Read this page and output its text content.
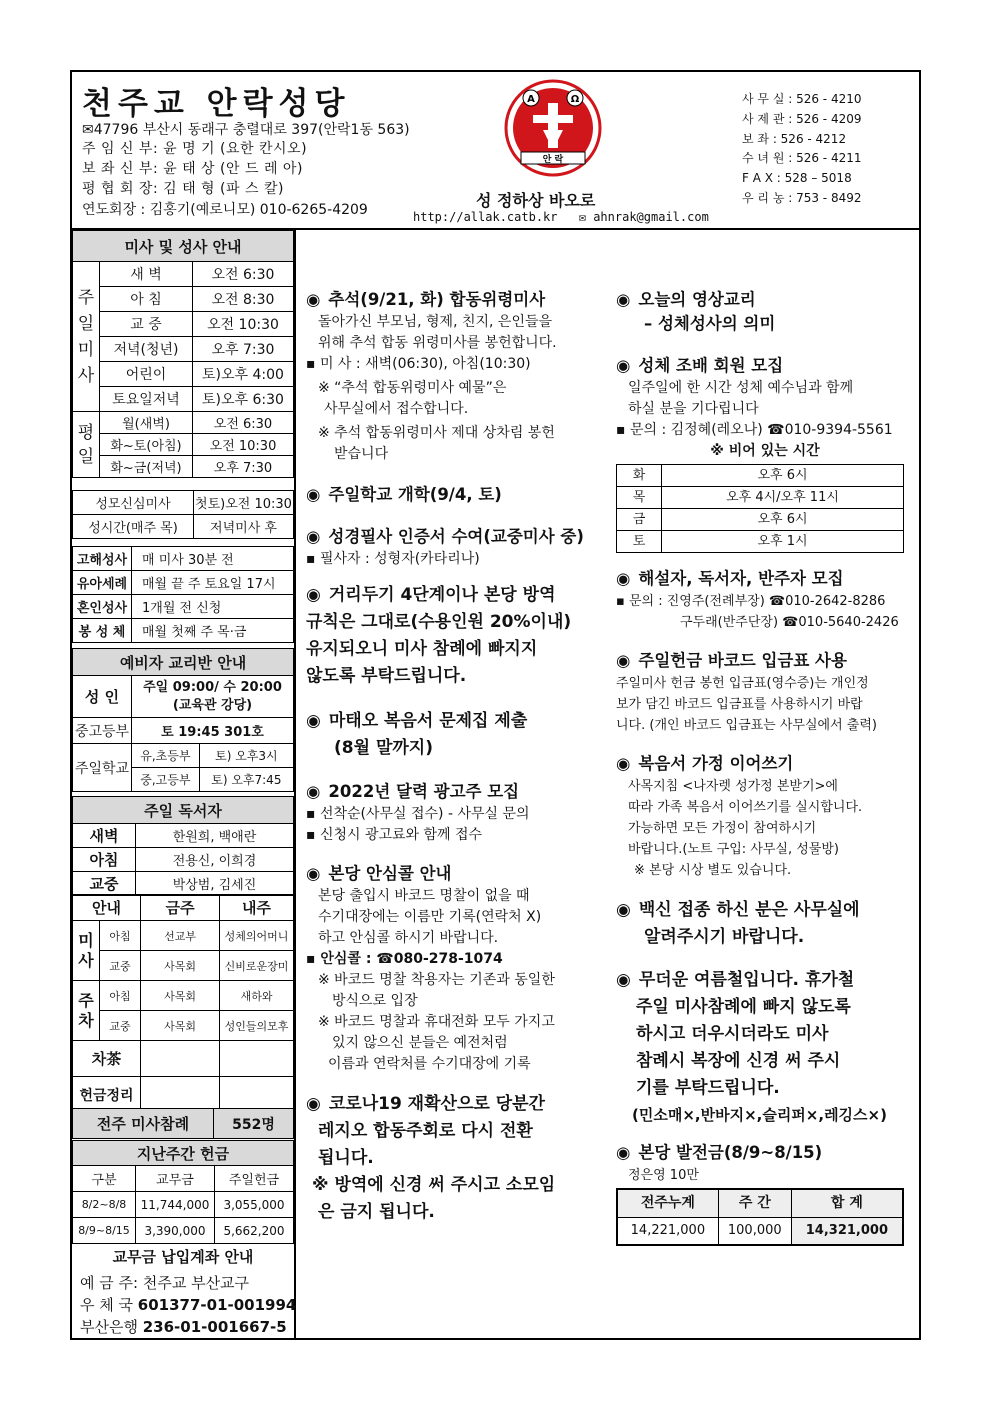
천주교 안락성당
✉47796 부산시 동래구 충렬대로 397(안락1동 563)
주 임 신 부: 윤 명 기 (요한 칸시오)
보 좌 신 부: 윤 태 상 (안 드 레 아)
평 협 회 장: 김 태 형 (파 스 칼)
연도회장 : 김홍기(예로니모) 010-6265-4209
A	Ω
안 락
성 정하상 바오로
http://allak.catb.kr ✉ ahnrak@gmail.com
사 무 실 : 526 - 4210
사 제 관 : 526 - 4209
보 좌 : 526 - 4212
수 녀 원 : 526 - 4211
F A X : 528 – 5018
우 리 농 : 753 - 8492
미사 및 성사 안내		
주
일
미
사	새 벽	오전 6:30
	아 침	오전 8:30
	교 중	오전 10:30
	저녁(청년)	오후 7:30
	어린이	토)오후 4:00
	토요일저녁	토)오후 6:30
평
일	월(새벽)	오전 6:30
	화~토(아침)	오전 10:30
	화~금(저녁)	오후 7:30
성모신심미사	첫토)오전 10:30
성시간(매주 목)	저녁미사 후
고해성사	매 미사 30분 전
유아세례	매월 끝 주 토요일 17시
혼인성사	1개월 전 신청
봉 성 체	매월 첫째 주 목·금
예비자 교리반 안내		
성 인	주일 09:00/ 수 20:00
(교육관 강당)	
중고등부	토 19:45 301호	
주일학교	유,초등부	토) 오후3시
	중,고등부	토) 오후7:45
주일 독서자	
새벽	한원희, 백애란
아침	전용신, 이희경
교중	박상범, 김세진
안내		금주	내주
미
사	아침	선교부	성체의어머니
	교중	사목회	신비로운장미
주
차	아침	사목회	새하와
	교중	사목회	성인들의모후
차茶			
헌금정리			
전주 미사참례	552명
지난주간 헌금		
구분	교무금	주일헌금
8/2~8/8	11,744,000	3,055,000
8/9~8/15	3,390,000	5,662,200
교무금 납입계좌 안내
예 금 주: 천주교 부산교구
우 체 국 601377-01-001994
부산은행 236-01-001667-5
◉ 추석(9/21, 화) 합동위령미사

돌아가신 부모님, 형제, 친지, 은인들을

위해 추석 합동 위령미사를 봉헌합니다.

▪ 미 사 : 새벽(06:30), 아침(10:30)

※ “추석 합동위령미사 예물”은

사무실에서 접수합니다.

※ 추석 합동위령미사 제대 상차림 봉헌

받습니다

◉ 주일학교 개학(9/4, 토)
◉ 성경필사 인증서 수여(교중미사 중)

▪ 필사자 : 성형자(카타리나)

◉ 거리두기 4단계이나 본당 방역

규칙은 그대로(수용인원 20%이내)

유지되오니 미사 참례에 빠지지

않도록 부탁드립니다.

◉ 마태오 복음서 문제집 제출

(8월 말까지)

◉ 2022년 달력 광고주 모집

▪ 선착순(사무실 접수) - 사무실 문의

▪ 신청시 광고료와 함께 접수

◉ 본당 안심콜 안내

본당 출입시 바코드 명찰이 없을 때

수기대장에는 이름만 기록(연락처 X)

하고 안심콜 하시기 바랍니다.

▪ 안심콜 : ☎080-278-1074

※ 바코드 명찰 착용자는 기존과 동일한

방식으로 입장

※ 바코드 명찰과 휴대전화 모두 가지고

있지 않으신 분들은 예전처럼

이름과 연락처를 수기대장에 기록

◉ 코로나19 재확산으로 당분간

레지오 합동주회로 다시 전환

됩니다.

※ 방역에 신경 써 주시고 소모임

은 금지 됩니다.

◉ 오늘의 영상교리

– 성체성사의 의미

◉ 성체 조배 회원 모집

일주일에 한 시간 성체 예수님과 함께

하실 분을 기다립니다

▪ 문의 : 김정혜(레오나) ☎010-9394-5561

※ 비어 있는 시간

화	오후 6시
목	오후 4시/오후 11시
금	오후 6시
토	오후 1시
◉ 해설자, 독서자, 반주자 모집

▪ 문의 : 진영주(전례부장) ☎010-2642-8286

구두래(반주단장) ☎010-5640-2426

◉ 주일헌금 바코드 입금표 사용

주일미사 헌금 봉헌 입금표(영수증)는 개인정

보가 담긴 바코드 입금표를 사용하시기 바랍

니다. (개인 바코드 입금표는 사무실에서 출력)

◉ 복음서 가정 이어쓰기

사목지침 <나자렛 성가정 본받기>에

따라 가족 복음서 이어쓰기를 실시합니다.

가능하면 모든 가정이 참여하시기

바랍니다.(노트 구입: 사무실, 성물방)

※ 본당 시상 별도 있습니다.

◉ 백신 접종 하신 분은 사무실에

알려주시기 바랍니다.

◉ 무더운 여름철입니다. 휴가철

주일 미사참례에 빠지 않도록

하시고 더우시더라도 미사

참례시 복장에 신경 써 주시

기를 부탁드립니다.

(민소매×,반바지×,슬리퍼×,레깅스×)

◉ 본당 발전금(8/9~8/15)

정은영 10만

전주누계	주 간	합 계
14,221,000	100,000	14,321,000
